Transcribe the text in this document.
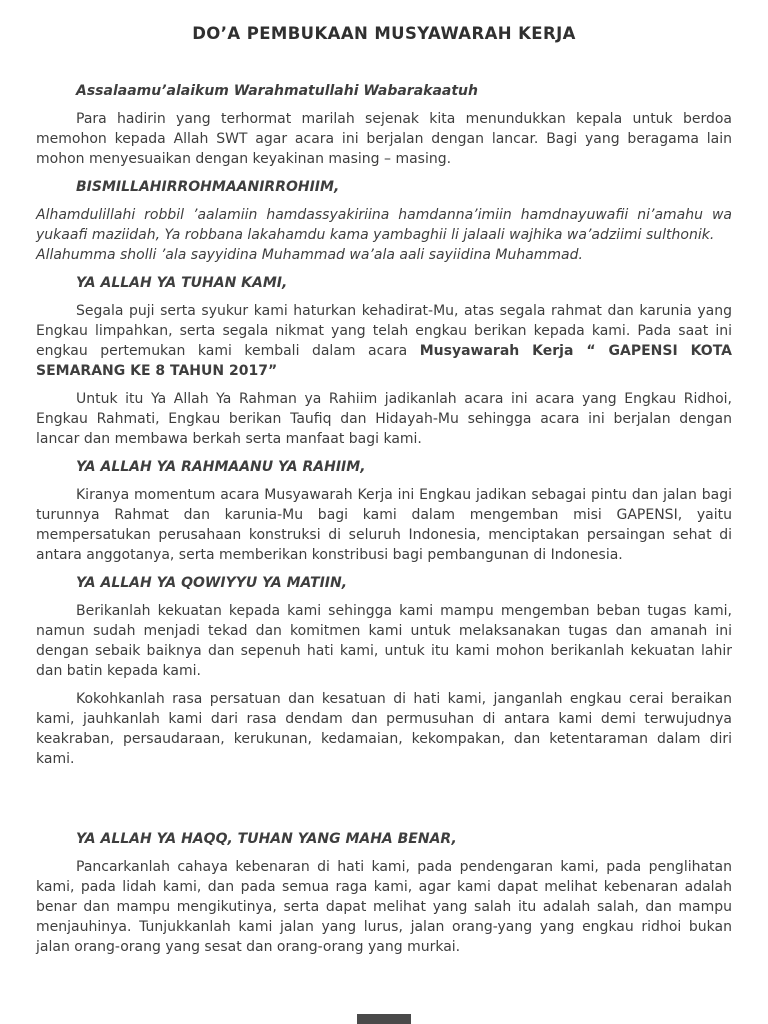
DO’A PEMBUKAAN MUSYAWARAH KERJA

Assalaamu’alaikum Warahmatullahi Wabarakaatuh

Para hadirin yang terhormat marilah sejenak kita menundukkan kepala untuk berdoa memohon kepada Allah SWT agar acara ini berjalan dengan lancar. Bagi yang beragama lain mohon menyesuaikan dengan keyakinan masing – masing.

BISMILLAHIRROHMAANIRROHIIM,

Alhamdulillahi robbil ’aalamiin hamdassyakiriina hamdanna’imiin hamdnayuwafii ni’amahu wa yukaafi maziidah, Ya robbana lakahamdu kama yambaghii li jalaali wajhika wa’adziimi sulthonik.

Allahumma sholli ’ala sayyidina Muhammad wa’ala aali sayiidina Muhammad.

YA ALLAH YA TUHAN KAMI,

Segala puji serta syukur kami haturkan kehadirat-Mu, atas segala rahmat dan karunia yang Engkau limpahkan, serta segala nikmat yang telah engkau berikan kepada kami. Pada saat ini engkau pertemukan kami kembali dalam acara Musyawarah Kerja “ GAPENSI KOTA SEMARANG KE 8 TAHUN 2017”

Untuk itu Ya Allah Ya Rahman ya Rahiim jadikanlah acara ini acara yang Engkau Ridhoi, Engkau Rahmati, Engkau berikan Taufiq dan Hidayah-Mu sehingga acara ini berjalan dengan lancar dan membawa berkah serta manfaat bagi kami.

YA ALLAH YA RAHMAANU YA RAHIIM,

Kiranya momentum acara Musyawarah Kerja ini Engkau jadikan sebagai pintu dan jalan bagi turunnya Rahmat dan karunia-Mu bagi kami dalam mengemban misi GAPENSI, yaitu mempersatukan perusahaan konstruksi di seluruh Indonesia, menciptakan persaingan sehat di antara anggotanya, serta memberikan konstribusi bagi pembangunan di Indonesia.

YA ALLAH YA QOWIYYU YA MATIIN,

Berikanlah kekuatan kepada kami sehingga kami mampu mengemban beban tugas kami, namun sudah menjadi tekad dan komitmen kami untuk melaksanakan tugas dan amanah ini dengan sebaik baiknya dan sepenuh hati kami, untuk itu kami mohon berikanlah kekuatan lahir dan batin kepada kami.

Kokohkanlah rasa persatuan dan kesatuan di hati kami, janganlah engkau cerai beraikan kami, jauhkanlah kami dari rasa dendam dan permusuhan di antara kami demi terwujudnya keakraban, persaudaraan, kerukunan, kedamaian, kekompakan, dan ketentaraman dalam diri kami.

YA ALLAH YA HAQQ, TUHAN YANG MAHA BENAR,

Pancarkanlah cahaya kebenaran di hati kami, pada pendengaran kami, pada penglihatan kami, pada lidah kami, dan pada semua raga kami, agar kami dapat melihat kebenaran adalah benar dan mampu mengikutinya, serta dapat melihat yang salah itu adalah salah, dan mampu menjauhinya. Tunjukkanlah kami jalan yang lurus, jalan orang-yang yang engkau ridhoi bukan jalan orang-orang yang sesat dan orang-orang yang murkai.
